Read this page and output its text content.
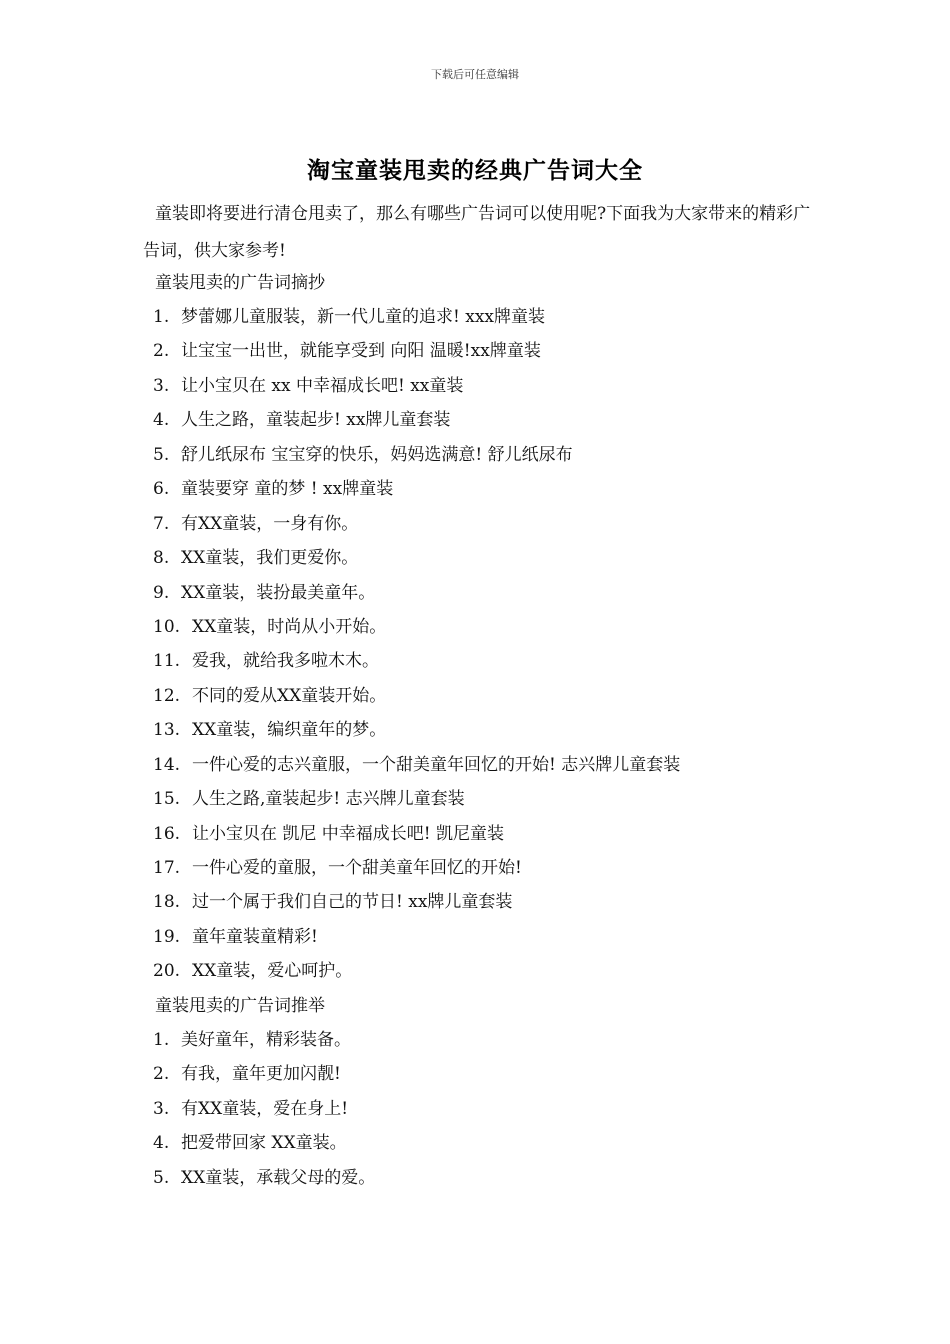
下载后可任意编辑
淘宝童装甩卖的经典广告词大全

童装即将要进行清仓甩卖了，那么有哪些广告词可以使用呢?下面我为大家带来的精彩广告词，供大家参考!

童装甩卖的广告词摘抄

1. 梦蕾娜儿童服装，新一代儿童的追求! xxx牌童装
2. 让宝宝一出世，就能享受到 向阳 温暖!xx牌童装
3. 让小宝贝在 xx 中幸福成长吧! xx童装
4. 人生之路，童装起步! xx牌儿童套装
5. 舒儿纸尿布 宝宝穿的快乐，妈妈选满意! 舒儿纸尿布
6. 童装要穿 童的梦 ! xx牌童装
7. 有XX童装，一身有你。
8. XX童装，我们更爱你。
9. XX童装，装扮最美童年。
10. XX童装，时尚从小开始。
11. 爱我，就给我多啦木木。
12. 不同的爱从XX童装开始。
13. XX童装，编织童年的梦。
14. 一件心爱的志兴童服，一个甜美童年回忆的开始! 志兴牌儿童套装
15. 人生之路,童装起步! 志兴牌儿童套装
16. 让小宝贝在 凯尼 中幸福成长吧! 凯尼童装
17. 一件心爱的童服，一个甜美童年回忆的开始!
18. 过一个属于我们自己的节日! xx牌儿童套装
19. 童年童装童精彩!
20. XX童装，爱心呵护。

童装甩卖的广告词推举

1. 美好童年，精彩装备。
2. 有我，童年更加闪靓!
3. 有XX童装，爱在身上!
4. 把爱带回家 XX童装。
5. XX童装，承载父母的爱。
